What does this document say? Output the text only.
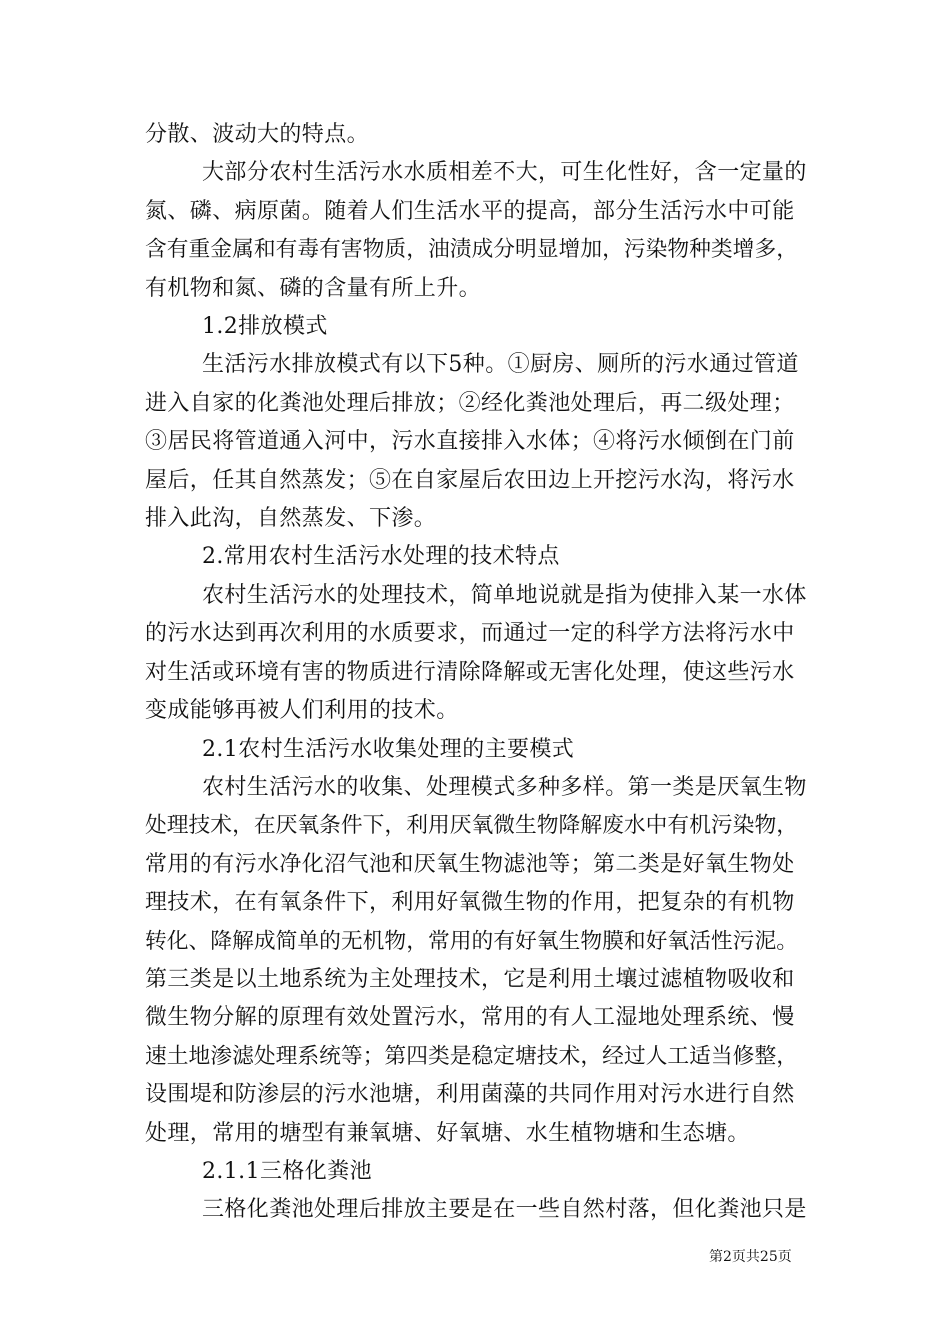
分散、波动大的特点。

大部分农村生活污水水质相差不大，可生化性好，含一定量的

氮、磷、病原菌。随着人们生活水平的提高，部分生活污水中可能

含有重金属和有毒有害物质，油渍成分明显增加，污染物种类增多，

有机物和氮、磷的含量有所上升。

1.2排放模式

生活污水排放模式有以下5种。①厨房、厕所的污水通过管道

进入自家的化粪池处理后排放；②经化粪池处理后，再二级处理；

③居民将管道通入河中，污水直接排入水体；④将污水倾倒在门前

屋后，任其自然蒸发；⑤在自家屋后农田边上开挖污水沟，将污水

排入此沟，自然蒸发、下渗。

2.常用农村生活污水处理的技术特点

农村生活污水的处理技术，简单地说就是指为使排入某一水体

的污水达到再次利用的水质要求，而通过一定的科学方法将污水中

对生活或环境有害的物质进行清除降解或无害化处理，使这些污水

变成能够再被人们利用的技术。

2.1农村生活污水收集处理的主要模式

农村生活污水的收集、处理模式多种多样。第一类是厌氧生物

处理技术，在厌氧条件下，利用厌氧微生物降解废水中有机污染物，

常用的有污水净化沼气池和厌氧生物滤池等；第二类是好氧生物处

理技术，在有氧条件下，利用好氧微生物的作用，把复杂的有机物

转化、降解成简单的无机物，常用的有好氧生物膜和好氧活性污泥。

第三类是以土地系统为主处理技术，它是利用土壤过滤植物吸收和

微生物分解的原理有效处置污水，常用的有人工湿地处理系统、慢

速土地渗滤处理系统等；第四类是稳定塘技术，经过人工适当修整，

设围堤和防渗层的污水池塘，利用菌藻的共同作用对污水进行自然

处理，常用的塘型有兼氧塘、好氧塘、水生植物塘和生态塘。

2.1.1三格化粪池

三格化粪池处理后排放主要是在一些自然村落，但化粪池只是

第2页共25页
